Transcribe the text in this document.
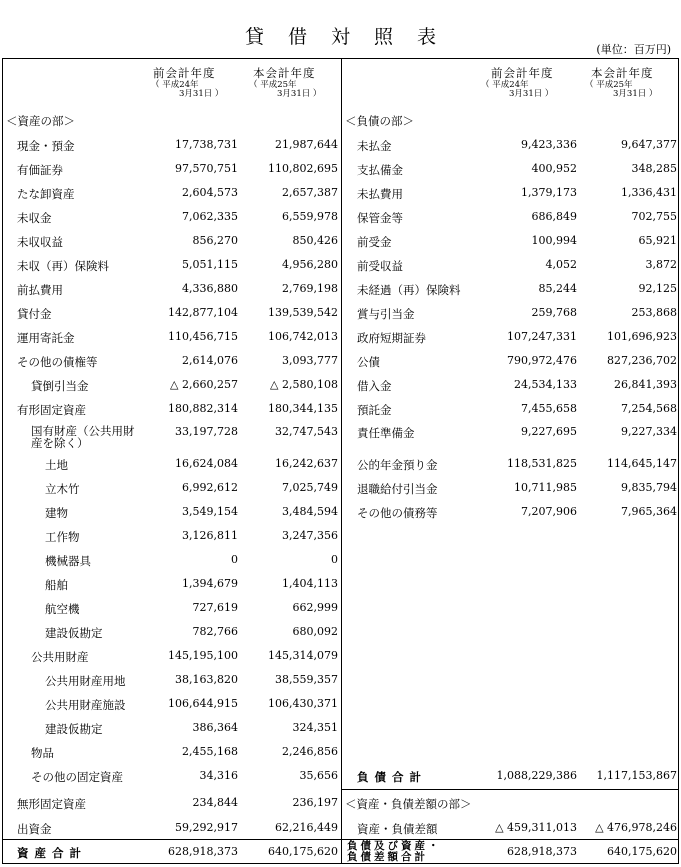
貸借対照表
(単位：百万円)
前会計年度	本会計年度
（ 平成24年
3月31日 ）
（ 平成25年
3月31日 ）
前会計年度	本会計年度
（ 平成24年
3月31日 ）
（ 平成25年
3月31日 ）
＜資産の部＞	＜負債の部＞
現金・預金	17,738,731	21,987,644
有価証券	97,570,751	110,802,695
たな卸資産	2,604,573	2,657,387
未収金	7,062,335	6,559,978
未収収益	856,270	850,426
未収（再）保険料	5,051,115	4,956,280
前払費用	4,336,880	2,769,198
貸付金	142,877,104	139,539,542
運用寄託金	110,456,715	106,742,013
その他の債権等	2,614,076	3,093,777
貸倒引当金	△ 2,660,257	△ 2,580,108
有形固定資産	180,882,314	180,344,135
国有財産（公共用財産を除く）
33,197,728	32,747,543
土地	16,624,084	16,242,637
立木竹	6,992,612	7,025,749
建物	3,549,154	3,484,594
工作物	3,126,811	3,247,356
機械器具	0	0
船舶	1,394,679	1,404,113
航空機	727,619	662,999
建設仮勘定	782,766	680,092
公共用財産	145,195,100	145,314,079
公共用財産用地	38,163,820	38,559,357
公共用財産施設	106,644,915	106,430,371
建設仮勘定	386,364	324,351
物品	2,455,168	2,246,856
その他の固定資産	34,316	35,656
無形固定資産	234,844	236,197
出資金	59,292,917	62,216,449
資産合計	628,918,373	640,175,620
未払金	9,423,336	9,647,377
支払備金	400,952	348,285
未払費用	1,379,173	1,336,431
保管金等	686,849	702,755
前受金	100,994	65,921
前受収益	4,052	3,872
未経過（再）保険料	85,244	92,125
賞与引当金	259,768	253,868
政府短期証券	107,247,331	101,696,923
公債	790,972,476	827,236,702
借入金	24,534,133	26,841,393
預託金	7,455,658	7,254,568
責任準備金	9,227,695	9,227,334
公的年金預り金	118,531,825	114,645,147
退職給付引当金	10,711,985	9,835,794
その他の債務等	7,207,906	7,965,364
負債合計	1,088,229,386	1,117,153,867
＜資産・負債差額の部＞
資産・負債差額	△ 459,311,013	△ 476,978,246
負債及び資産・
負債差額合計	628,918,373	640,175,620
